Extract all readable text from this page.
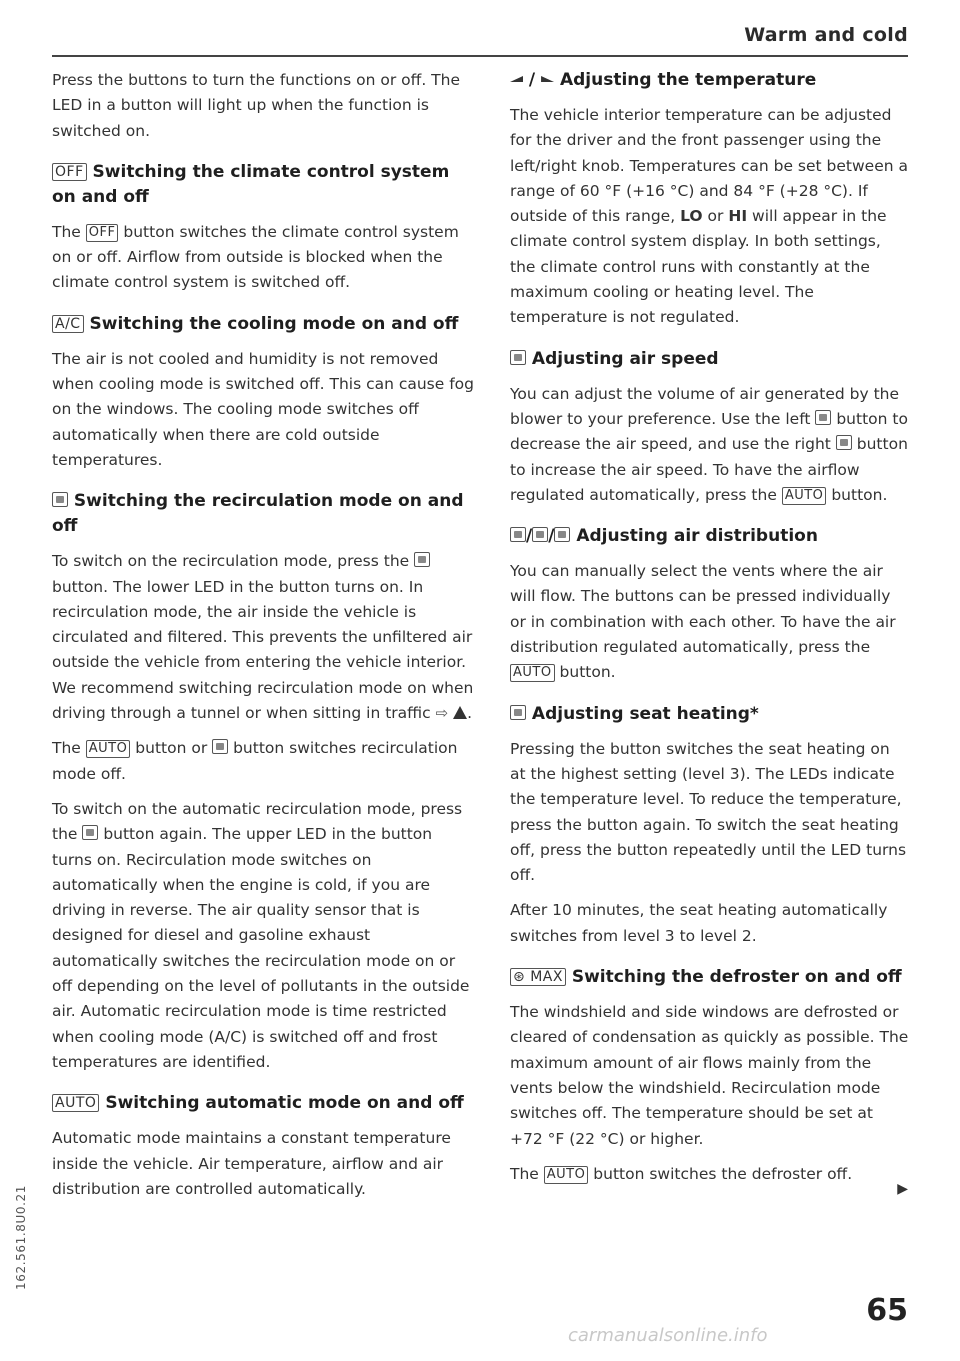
Warm and cold

Press the buttons to turn the functions on or off. The LED in a button will light up when the function is switched on.

OFF Switching the climate control system on and off

The OFF button switches the climate control system on or off. Airflow from outside is blocked when the climate control system is switched off.

A/C Switching the cooling mode on and off

The air is not cooled and humidity is not removed when cooling mode is switched off. This can cause fog on the windows. The cooling mode switches off automatically when there are cold outside temperatures.

Switching the recirculation mode on and off

To switch on the recirculation mode, press the  button. The lower LED in the button turns on. In recirculation mode, the air inside the vehicle is circulated and filtered. This prevents the unfiltered air outside the vehicle from entering the vehicle interior. We recommend switching recirculation mode on when driving through a tunnel or when sitting in traffic ⇨ .

The AUTO button or button switches recirculation mode off.

To switch on the automatic recirculation mode, press the button again. The upper LED in the button turns on. Recirculation mode switches on automatically when the engine is cold, if you are driving in reverse. The air quality sensor that is designed for diesel and gasoline exhaust automatically switches the recirculation mode on or off depending on the level of pollutants in the outside air. Automatic recirculation mode is time restricted when cooling mode (A/C) is switched off and frost temperatures are identified.

AUTO Switching automatic mode on and off

Automatic mode maintains a constant temperature inside the vehicle. Air temperature, airflow and air distribution are controlled automatically.

/ Adjusting the temperature

The vehicle interior temperature can be adjusted for the driver and the front passenger using the left/right knob. Temperatures can be set between a range of 60 °F (+16 °C) and 84 °F (+28 °C). If outside of this range, LO or HI will appear in the climate control system display. In both settings, the climate control runs with constantly at the maximum cooling or heating level. The temperature is not regulated.

Adjusting air speed

You can adjust the volume of air generated by the blower to your preference. Use the left button to decrease the air speed, and use the right button to increase the air speed. To have the airflow regulated automatically, press the AUTO button.

/ / Adjusting air distribution

You can manually select the vents where the air will flow. The buttons can be pressed individually or in combination with each other. To have the air distribution regulated automatically, press the AUTO button.

Adjusting seat heating*

Pressing the button switches the seat heating on at the highest setting (level 3). The LEDs indicate the temperature level. To reduce the temperature, press the button again. To switch the seat heating off, press the button repeatedly until the LED turns off.

After 10 minutes, the seat heating automatically switches from level 3 to level 2.

⊛ MAX Switching the defroster on and off

The windshield and side windows are defrosted or cleared of condensation as quickly as possible. The maximum amount of air flows mainly from the vents below the windshield. Recirculation mode switches off. The temperature should be set at +72 °F (22 °C) or higher.

The AUTO button switches the defroster off.

▶
65
162.561.8U0.21
carmanualsonline.info
